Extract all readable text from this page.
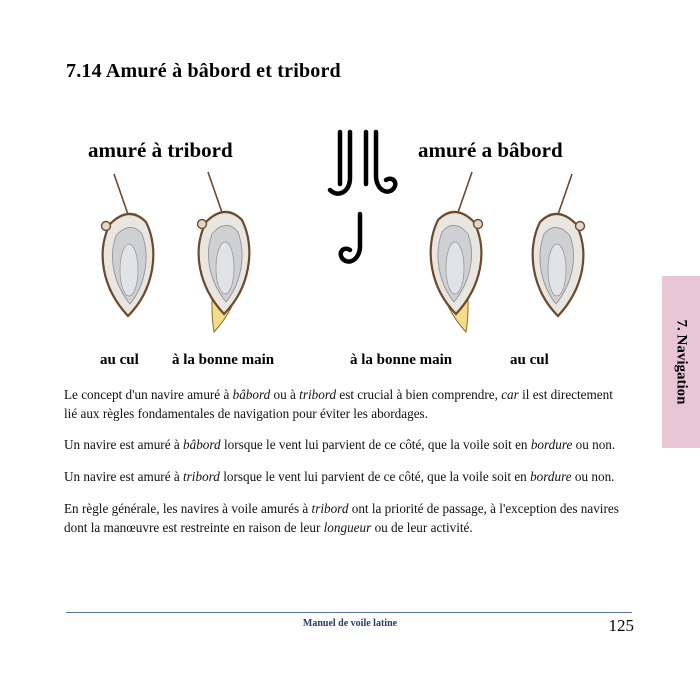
7.14 Amuré à bâbord et tribord
amuré à tribord	amuré a bâbord
au cul à la bonne main	à la bonne main	au cul

Le concept d'un navire amuré à bâbord ou à tribord est crucial à bien comprendre, car il est directement lié aux règles fondamentales de navigation pour éviter les abordages.

Un navire est amuré à bâbord lorsque le vent lui parvient de ce côté, que la voile soit en bordure ou non.

Un navire est amuré à tribord lorsque le vent lui parvient de ce côté, que la voile soit en bordure ou non.

En règle générale, les navires à voile amurés à tribord ont la priorité de passage, à l'exception des navires dont la manœuvre est restreinte en raison de leur longueur ou de leur activité.

7. Navigation
Manuel de voile latine	125
